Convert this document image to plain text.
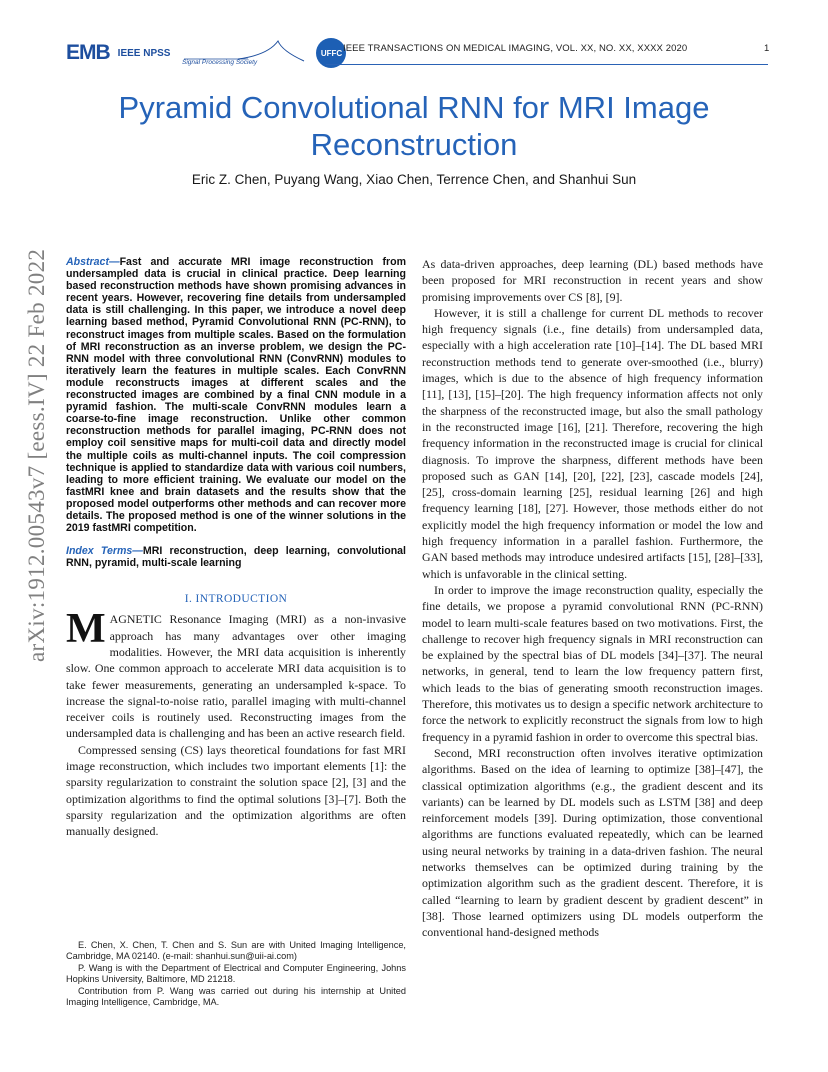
EMB IEEE NPSS
Signal Processing Society
UFFC IEEE TRANSACTIONS ON MEDICAL IMAGING, VOL. XX, NO. XX, XXXX 2020	1
Pyramid Convolutional RNN for MRI Image Reconstruction
Eric Z. Chen, Puyang Wang, Xiao Chen, Terrence Chen, and Shanhui Sun
arXiv:1912.00543v7 [eess.IV] 22 Feb 2022 Abstract—Fast and accurate MRI image reconstruction from undersampled data is crucial in clinical practice. Deep learning based reconstruction methods have shown promising advances in recent years. However, recovering fine details from undersampled data is still challenging. In this paper, we introduce a novel deep learning based method, Pyramid Convolutional RNN (PC-RNN), to reconstruct images from multiple scales. Based on the formulation of MRI reconstruction as an inverse problem, we design the PC-RNN model with three convolutional RNN (ConvRNN) modules to iteratively learn the features in multiple scales. Each ConvRNN module reconstructs images at different scales and the reconstructed images are combined by a final CNN module in a pyramid fashion. The multi-scale ConvRNN modules learn a coarse-to-fine image reconstruction. Unlike other common reconstruction methods for parallel imaging, PC-RNN does not employ coil sensitive maps for multi-coil data and directly model the multiple coils as multi-channel inputs. The coil compression technique is applied to standardize data with various coil numbers, leading to more efficient training. We evaluate our model on the fastMRI knee and brain datasets and the results show that the proposed model outperforms other methods and can recover more details. The proposed method is one of the winner solutions in the 2019 fastMRI competition.

Index Terms—MRI reconstruction, deep learning, convolutional RNN, pyramid, multi-scale learning

I. INTRODUCTION

MAGNETIC Resonance Imaging (MRI) as a non-invasive approach has many advantages over other imaging modalities. However, the MRI data acquisition is inherently slow. One common approach to accelerate MRI data acquisition is to take fewer measurements, generating an undersampled k-space. To increase the signal-to-noise ratio, parallel imaging with multi-channel receiver coils is routinely used. Reconstructing images from the undersampled data is challenging and has been an active research field.

Compressed sensing (CS) lays theoretical foundations for fast MRI image reconstruction, which includes two important elements [1]: the sparsity regularization to constraint the solution space [2], [3] and the optimization algorithms to find the optimal solutions [3]–[7]. Both the sparsity regularization and the optimization algorithms are often manually designed.

As data-driven approaches, deep learning (DL) based methods have been proposed for MRI reconstruction in recent years and show promising improvements over CS [8], [9].

However, it is still a challenge for current DL methods to recover high frequency signals (i.e., fine details) from undersampled data, especially with a high acceleration rate [10]–[14]. The DL based MRI reconstruction methods tend to generate over-smoothed (i.e., blurry) images, which is due to the absence of high frequency information [11], [13], [15]–[20]. The high frequency information affects not only the sharpness of the reconstructed image, but also the small pathology in the reconstructed image [16], [21]. Therefore, recovering the high frequency information in the reconstructed image is crucial for clinical diagnosis. To improve the sharpness, different methods have been proposed such as GAN [14], [20], [22], [23], cascade models [24], [25], cross-domain learning [25], residual learning [26] and high frequency learning [18], [27]. However, those methods either do not explicitly model the high frequency information or model the low and high frequency information in a parallel fashion. Furthermore, the GAN based methods may introduce undesired artifacts [15], [28]–[33], which is unfavorable in the clinical setting.

In order to improve the image reconstruction quality, especially the fine details, we propose a pyramid convolutional RNN (PC-RNN) model to learn multi-scale features based on two motivations. First, the challenge to recover high frequency signals in MRI reconstruction can be explained by the spectral bias of DL models [34]–[37]. The neural networks, in general, tend to learn the low frequency pattern first, which leads to the bias of generating smooth reconstruction images. Therefore, this motivates us to design a specific network architecture to force the network to explicitly reconstruct the signals from low to high frequency in a pyramid fashion in order to overcome this spectral bias.

Second, MRI reconstruction often involves iterative optimization algorithms. Based on the idea of learning to optimize [38]–[47], the classical optimization algorithms (e.g., the gradient descent and its variants) can be learned by DL models such as LSTM [38] and deep reinforcement models [39]. During optimization, those conventional algorithms are functions evaluated repeatedly, which can be learned using neural networks by training in a data-driven fashion. The neural networks themselves can be optimized during training by the optimization algorithm such as the gradient descent. Therefore, it is called “learning to learn by gradient descent by gradient descent” in [38]. Those learned optimizers using DL models outperform the conventional hand-designed methods

E. Chen, X. Chen, T. Chen and S. Sun are with United Imaging Intelligence, Cambridge, MA 02140. (e-mail: shanhui.sun@uii-ai.com)

P. Wang is with the Department of Electrical and Computer Engineering, Johns Hopkins University, Baltimore, MD 21218.

Contribution from P. Wang was carried out during his internship at United Imaging Intelligence, Cambridge, MA.
